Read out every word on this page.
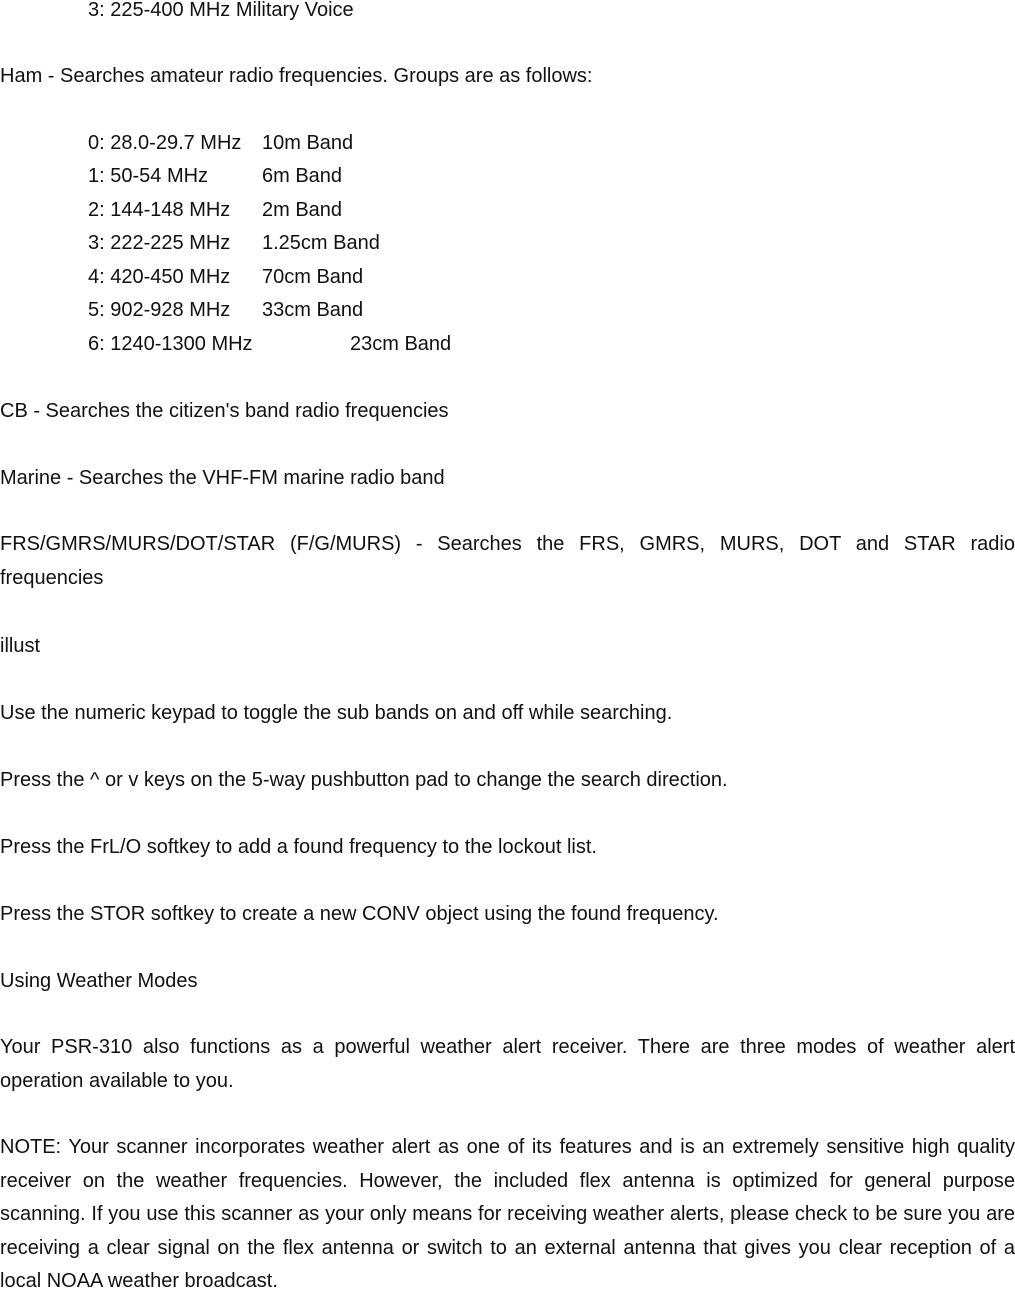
3: 225-400 MHz Military Voice
Ham - Searches amateur radio frequencies. Groups are as follows:
0: 28.0-29.7 MHz 10m Band
1: 50-54 MHz	6m Band
2: 144-148 MHz 2m Band
3: 222-225 MHz 1.25cm Band
4: 420-450 MHz 70cm Band
5: 902-928 MHz 33cm Band
6: 1240-1300 MHz	23cm Band
CB - Searches the citizen's band radio frequencies
Marine - Searches the VHF-FM marine radio band
FRS/GMRS/MURS/DOT/STAR (F/G/MURS) - Searches the FRS, GMRS, MURS, DOT and STAR radio frequencies
illust
Use the numeric keypad to toggle the sub bands on and off while searching.
Press the ^ or v keys on the 5-way pushbutton pad to change the search direction.
Press the FrL/O softkey to add a found frequency to the lockout list.
Press the STOR softkey to create a new CONV object using the found frequency.
Using Weather Modes
Your PSR-310 also functions as a powerful weather alert receiver. There are three modes of weather alert operation available to you.
NOTE: Your scanner incorporates weather alert as one of its features and is an extremely sensitive high quality receiver on the weather frequencies. However, the included flex antenna is optimized for general purpose scanning. If you use this scanner as your only means for receiving weather alerts, please check to be sure you are receiving a clear signal on the flex antenna or switch to an external antenna that gives you clear reception of a local NOAA weather broadcast.
